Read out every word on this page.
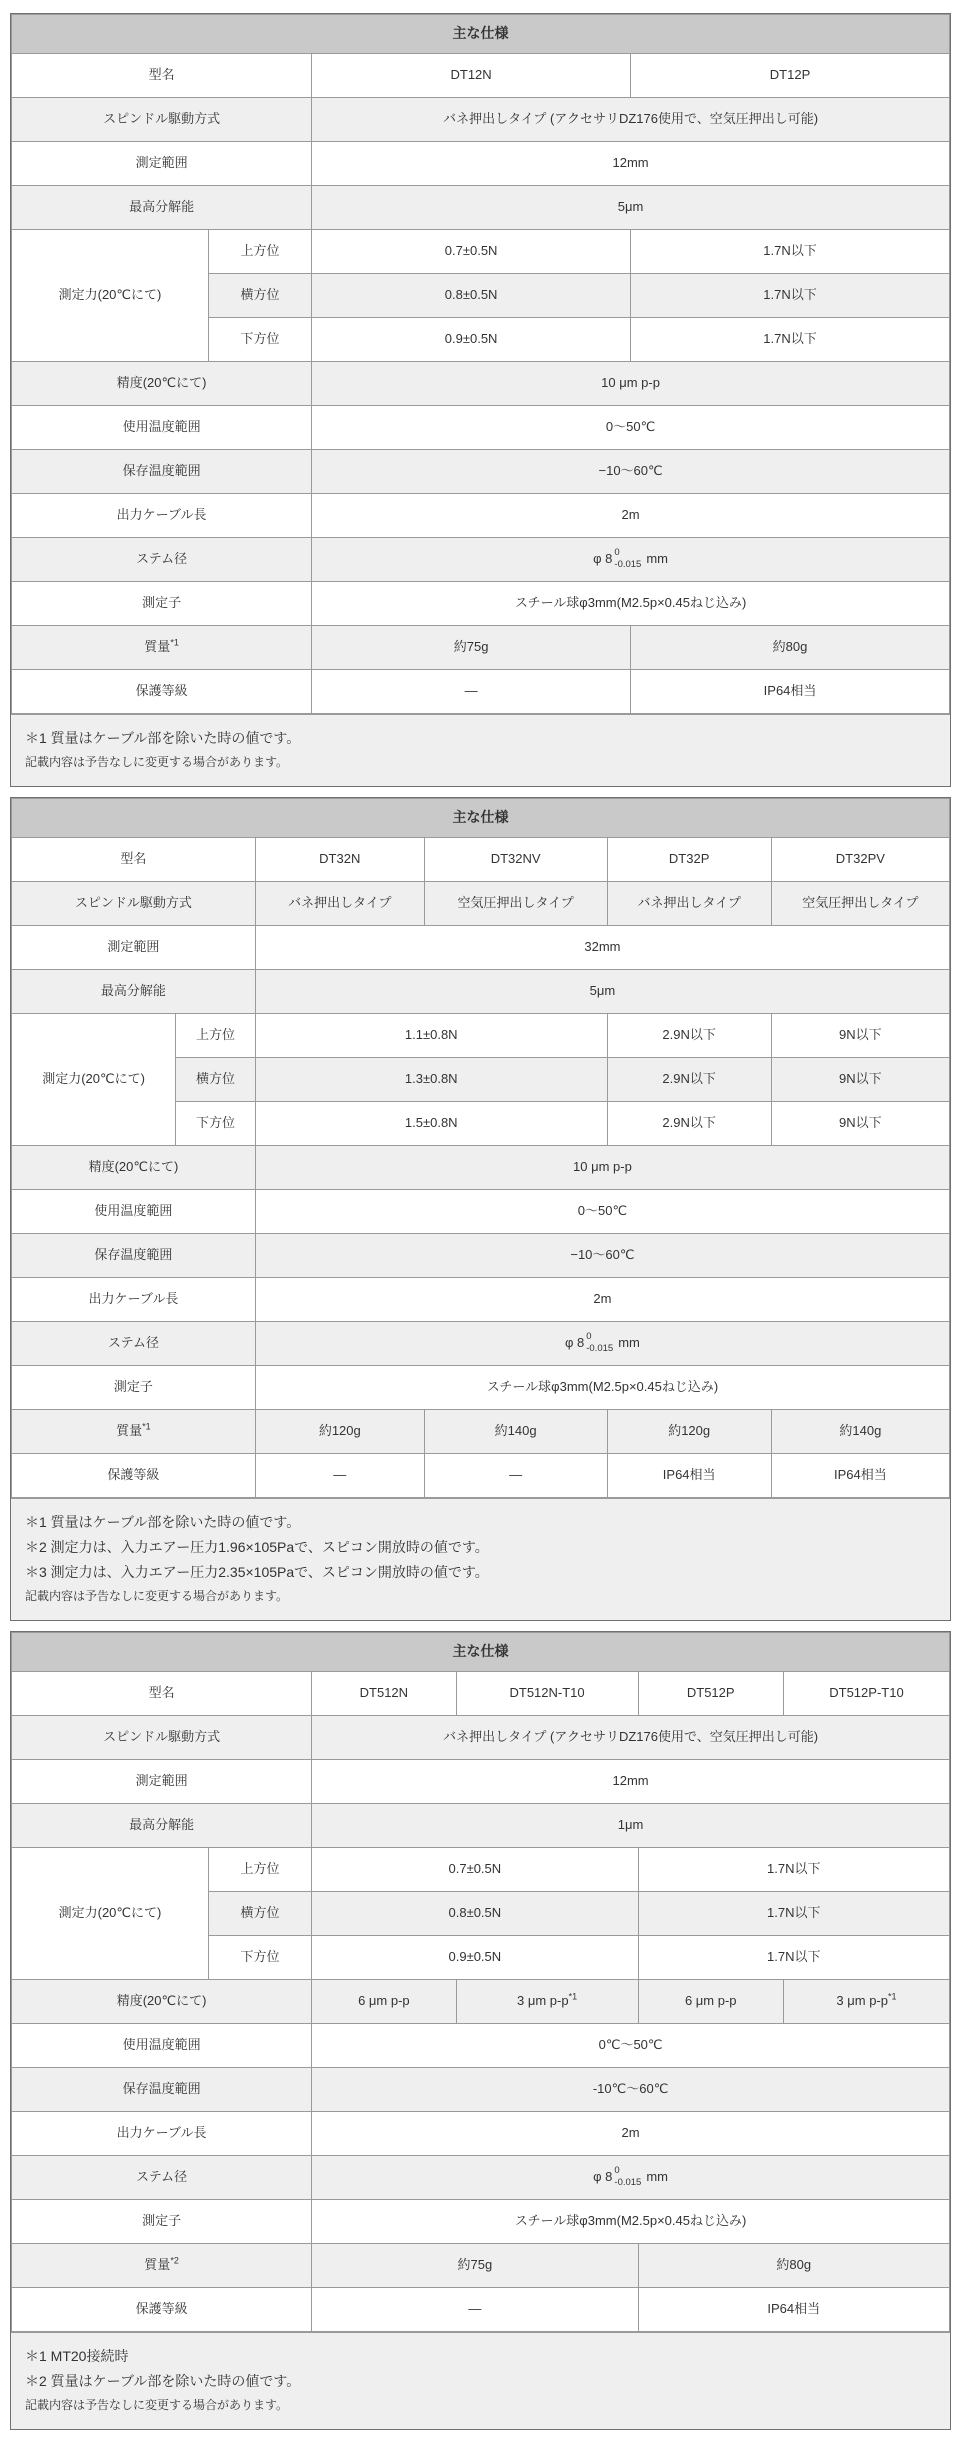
主な仕様			
型名		DT12N	DT12P
スピンドル駆動方式		バネ押出しタイプ (アクセサリDZ176使用で、空気圧押出し可能)	
測定範囲		12mm	
最高分解能		5μm	
測定力(20℃にて)	上方位	0.7±0.5N	1.7N以下
	横方位	0.8±0.5N	1.7N以下
	下方位	0.9±0.5N	1.7N以下
精度(20℃にて)		10 μm p-p	
使用温度範囲		0〜50℃	
保存温度範囲		−10〜60℃	
出力ケーブル長		2m	
ステム径		φ 8 0
-0.015 mm	
測定子		スチール球φ3mm(M2.5p×0.45ねじ込み)	
質量$^{*1}$		約75g	約80g
保護等級		―	IP64相当

＊1 質量はケーブル部を除いた時の値です。

記載内容は予告なしに変更する場合があります。

主な仕様					
型名		DT32N	DT32NV	DT32P	DT32PV
スピンドル駆動方式		バネ押出しタイプ	空気圧押出しタイプ	バネ押出しタイプ	空気圧押出しタイプ
測定範囲		32mm			
最高分解能		5μm			
測定力(20℃にて)	上方位	1.1±0.8N		2.9N以下	9N以下
	横方位	1.3±0.8N		2.9N以下	9N以下
	下方位	1.5±0.8N		2.9N以下	9N以下
精度(20℃にて)		10 μm p-p			
使用温度範囲		0〜50℃			
保存温度範囲		−10〜60℃			
出力ケーブル長		2m			
ステム径		φ 8 0
-0.015 mm			
測定子		スチール球φ3mm(M2.5p×0.45ねじ込み)			
質量$^{*1}$		約120g	約140g	約120g	約140g
保護等級		―	―	IP64相当	IP64相当

＊1 質量はケーブル部を除いた時の値です。

＊2 測定力は、入力エアー圧力1.96×105Paで、スピコン開放時の値です。

＊3 測定力は、入力エアー圧力2.35×105Paで、スピコン開放時の値です。

記載内容は予告なしに変更する場合があります。

主な仕様					
型名		DT512N	DT512N-T10	DT512P	DT512P-T10
スピンドル駆動方式		バネ押出しタイプ (アクセサリDZ176使用で、空気圧押出し可能)			
測定範囲		12mm			
最高分解能		1μm			
測定力(20℃にて)	上方位	0.7±0.5N		1.7N以下	
	横方位	0.8±0.5N		1.7N以下	
	下方位	0.9±0.5N		1.7N以下	
精度(20℃にて)		6 μm p-p	3 μm $p-p^{*1}$	6 μm p-p	3 μm $p-p^{*1}$
使用温度範囲		0℃〜50℃			
保存温度範囲		-10℃〜60℃			
出力ケーブル長		2m			
ステム径		φ 8 0
-0.015 mm			
測定子		スチール球φ3mm(M2.5p×0.45ねじ込み)			
質量$^{*2}$		約75g		約80g	
保護等級		―		IP64相当	

＊1 MT20接続時

＊2 質量はケーブル部を除いた時の値です。

記載内容は予告なしに変更する場合があります。
